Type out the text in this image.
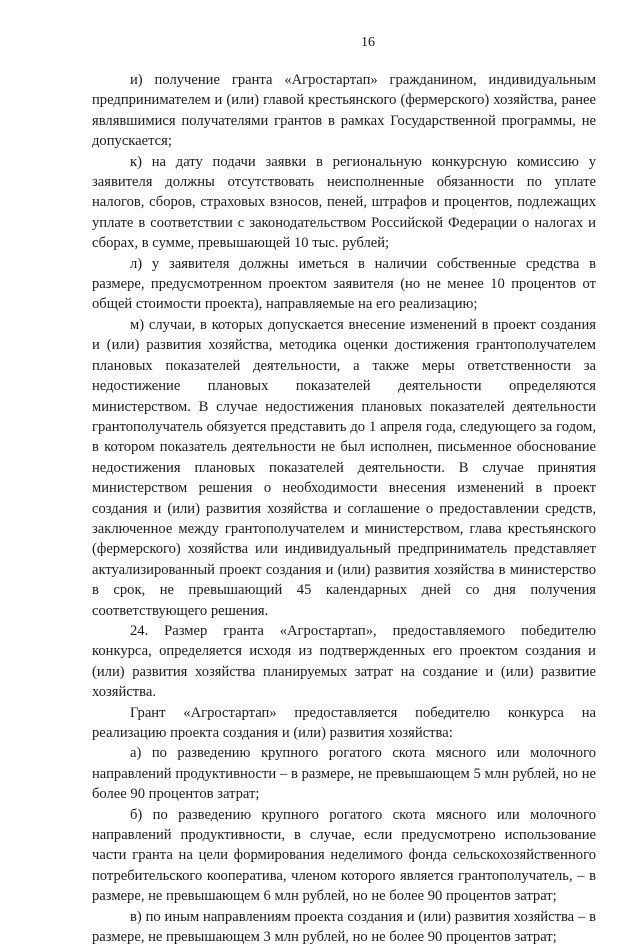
16

и) получение гранта «Агростартап» гражданином, индивидуальным предпринимателем и (или) главой крестьянского (фермерского) хозяйства, ранее являвшимися получателями грантов в рамках Государственной программы, не допускается;

к) на дату подачи заявки в региональную конкурсную комиссию у заявителя должны отсутствовать неисполненные обязанности по уплате налогов, сборов, страховых взносов, пеней, штрафов и процентов, подлежащих уплате в соответствии с законодательством Российской Федерации о налогах и сборах, в сумме, превышающей 10 тыс. рублей;

л) у заявителя должны иметься в наличии собственные средства в размере, предусмотренном проектом заявителя (но не менее 10 процентов от общей стоимости проекта), направляемые на его реализацию;

м) случаи, в которых допускается внесение изменений в проект создания и (или) развития хозяйства, методика оценки достижения грантополучателем плановых показателей деятельности, а также меры ответственности за недостижение плановых показателей деятельности определяются министерством. В случае недостижения плановых показателей деятельности грантополучатель обязуется представить до 1 апреля года, следующего за годом, в котором показатель деятельности не был исполнен, письменное обоснование недостижения плановых показателей деятельности. В случае принятия министерством решения о необходимости внесения изменений в проект создания и (или) развития хозяйства и соглашение о предоставлении средств, заключенное между грантополучателем и министерством, глава крестьянского (фермерского) хозяйства или индивидуальный предприниматель представляет актуализированный проект создания и (или) развития хозяйства в министерство в срок, не превышающий 45 календарных дней со дня получения соответствующего решения.

24. Размер гранта «Агростартап», предоставляемого победителю конкурса, определяется исходя из подтвержденных его проектом создания и (или) развития хозяйства планируемых затрат на создание и (или) развитие хозяйства.

Грант «Агростартап» предоставляется победителю конкурса на реализацию проекта создания и (или) развития хозяйства:

а) по разведению крупного рогатого скота мясного или молочного направлений продуктивности – в размере, не превышающем 5 млн рублей, но не более 90 процентов затрат;

б) по разведению крупного рогатого скота мясного или молочного направлений продуктивности, в случае, если предусмотрено использование части гранта на цели формирования неделимого фонда сельскохозяйственного потребительского кооператива, членом которого является грантополучатель, – в размере, не превышающем 6 млн рублей, но не более 90 процентов затрат;

в) по иным направлениям проекта создания и (или) развития хозяйства – в размере, не превышающем 3 млн рублей, но не более 90 процентов затрат;
